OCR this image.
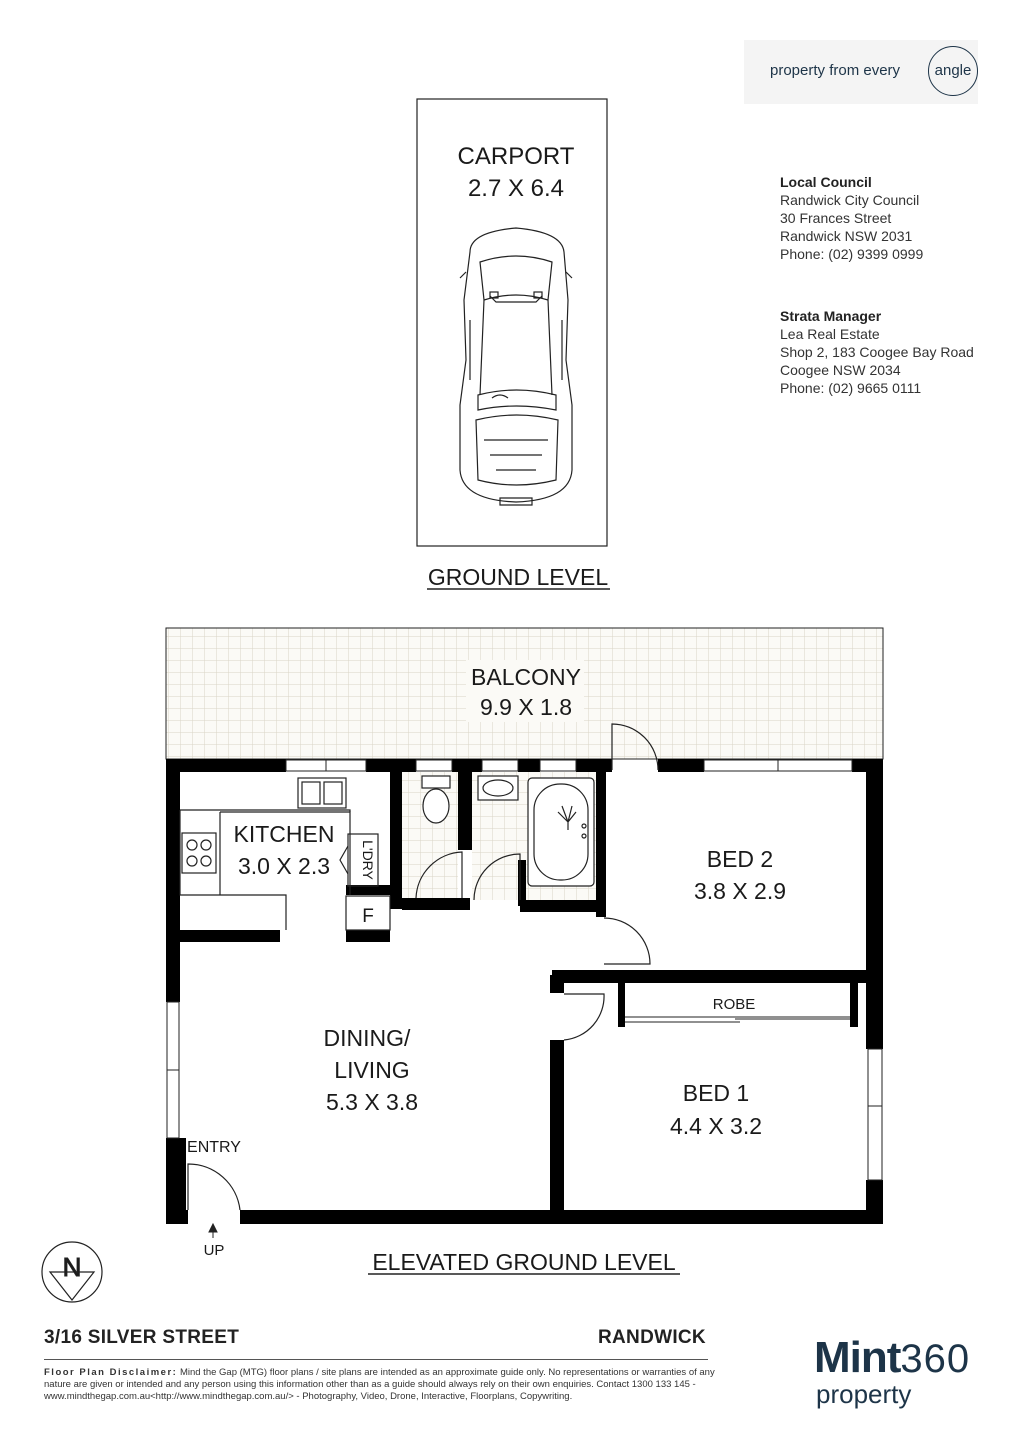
CARPORT
2.7 X 6.4
GROUND LEVEL
BALCONY
9.9 X 1.8
KITCHEN
3.0 X 2.3 L'DRY
F
ROBE
BED 2
3.8 X 2.9
DINING/
LIVING
5.3 X 3.8	BED 1
4.4 X 3.2
ENTRY
UP	ELEVATED GROUND LEVEL
N
property from every	angle
Local Council
Randwick City Council
30 Frances Street
Randwick NSW 2031
Phone: (02) 9399 0999
Strata Manager
Lea Real Estate
Shop 2, 183 Coogee Bay Road
Coogee NSW 2034
Phone: (02) 9665 0111
3/16 SILVER STREET	RANDWICK
Floor Plan Disclaimer: Mind the Gap (MTG) floor plans / site plans are intended as an approximate guide only. No representations or warranties of any nature are given or intended and any person using this information other than as a guide should always rely on their own enquiries. Contact 1300 133 145 - www.mindthegap.com.au<http://www.mindthegap.com.au/> - Photography, Video, Drone, Interactive, Floorplans, Copywriting.
Mint360
property
